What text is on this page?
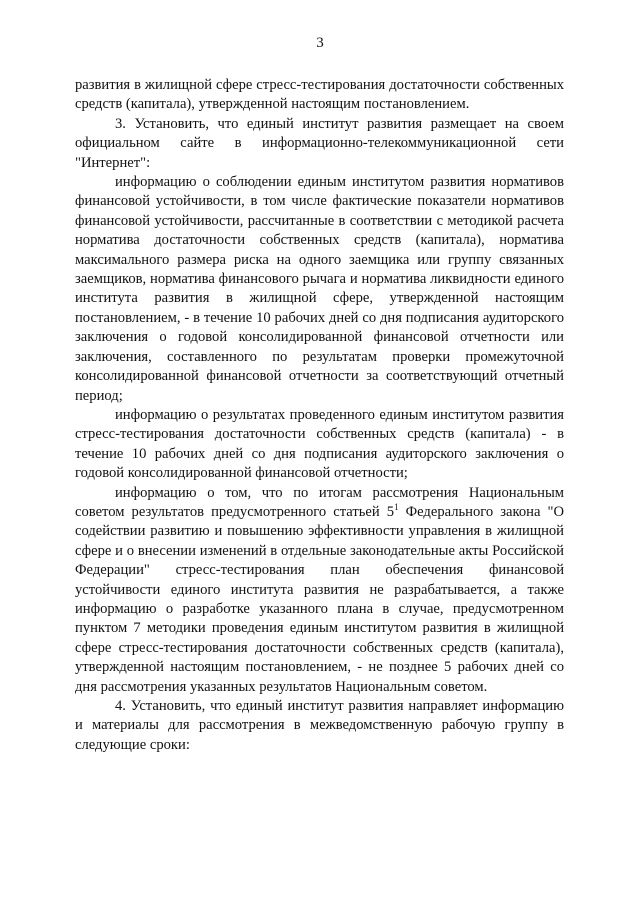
3

развития в жилищной сфере стресс-тестирования достаточности собственных средств (капитала), утвержденной настоящим постановлением.

3. Установить, что единый институт развития размещает на своем официальном сайте в информационно-телекоммуникационной сети "Интернет":

информацию о соблюдении единым институтом развития нормативов финансовой устойчивости, в том числе фактические показатели нормативов финансовой устойчивости, рассчитанные в соответствии с методикой расчета норматива достаточности собственных средств (капитала), норматива максимального размера риска на одного заемщика или группу связанных заемщиков, норматива финансового рычага и норматива ликвидности единого института развития в жилищной сфере, утвержденной настоящим постановлением, - в течение 10 рабочих дней со дня подписания аудиторского заключения о годовой консолидированной финансовой отчетности или заключения, составленного по результатам проверки промежуточной консолидированной финансовой отчетности за соответствующий отчетный период;

информацию о результатах проведенного единым институтом развития стресс-тестирования достаточности собственных средств (капитала) - в течение 10 рабочих дней со дня подписания аудиторского заключения о годовой консолидированной финансовой отчетности;

информацию о том, что по итогам рассмотрения Национальным советом результатов предусмотренного статьей $5^1$ Федерального закона "О содействии развитию и повышению эффективности управления в жилищной сфере и о внесении изменений в отдельные законодательные акты Российской Федерации" стресс-тестирования план обеспечения финансовой устойчивости единого института развития не разрабатывается, а также информацию о разработке указанного плана в случае, предусмотренном пунктом 7 методики проведения единым институтом развития в жилищной сфере стресс-тестирования достаточности собственных средств (капитала), утвержденной настоящим постановлением, - не позднее 5 рабочих дней со дня рассмотрения указанных результатов Национальным советом.

4. Установить, что единый институт развития направляет информацию и материалы для рассмотрения в межведомственную рабочую группу в следующие сроки:
